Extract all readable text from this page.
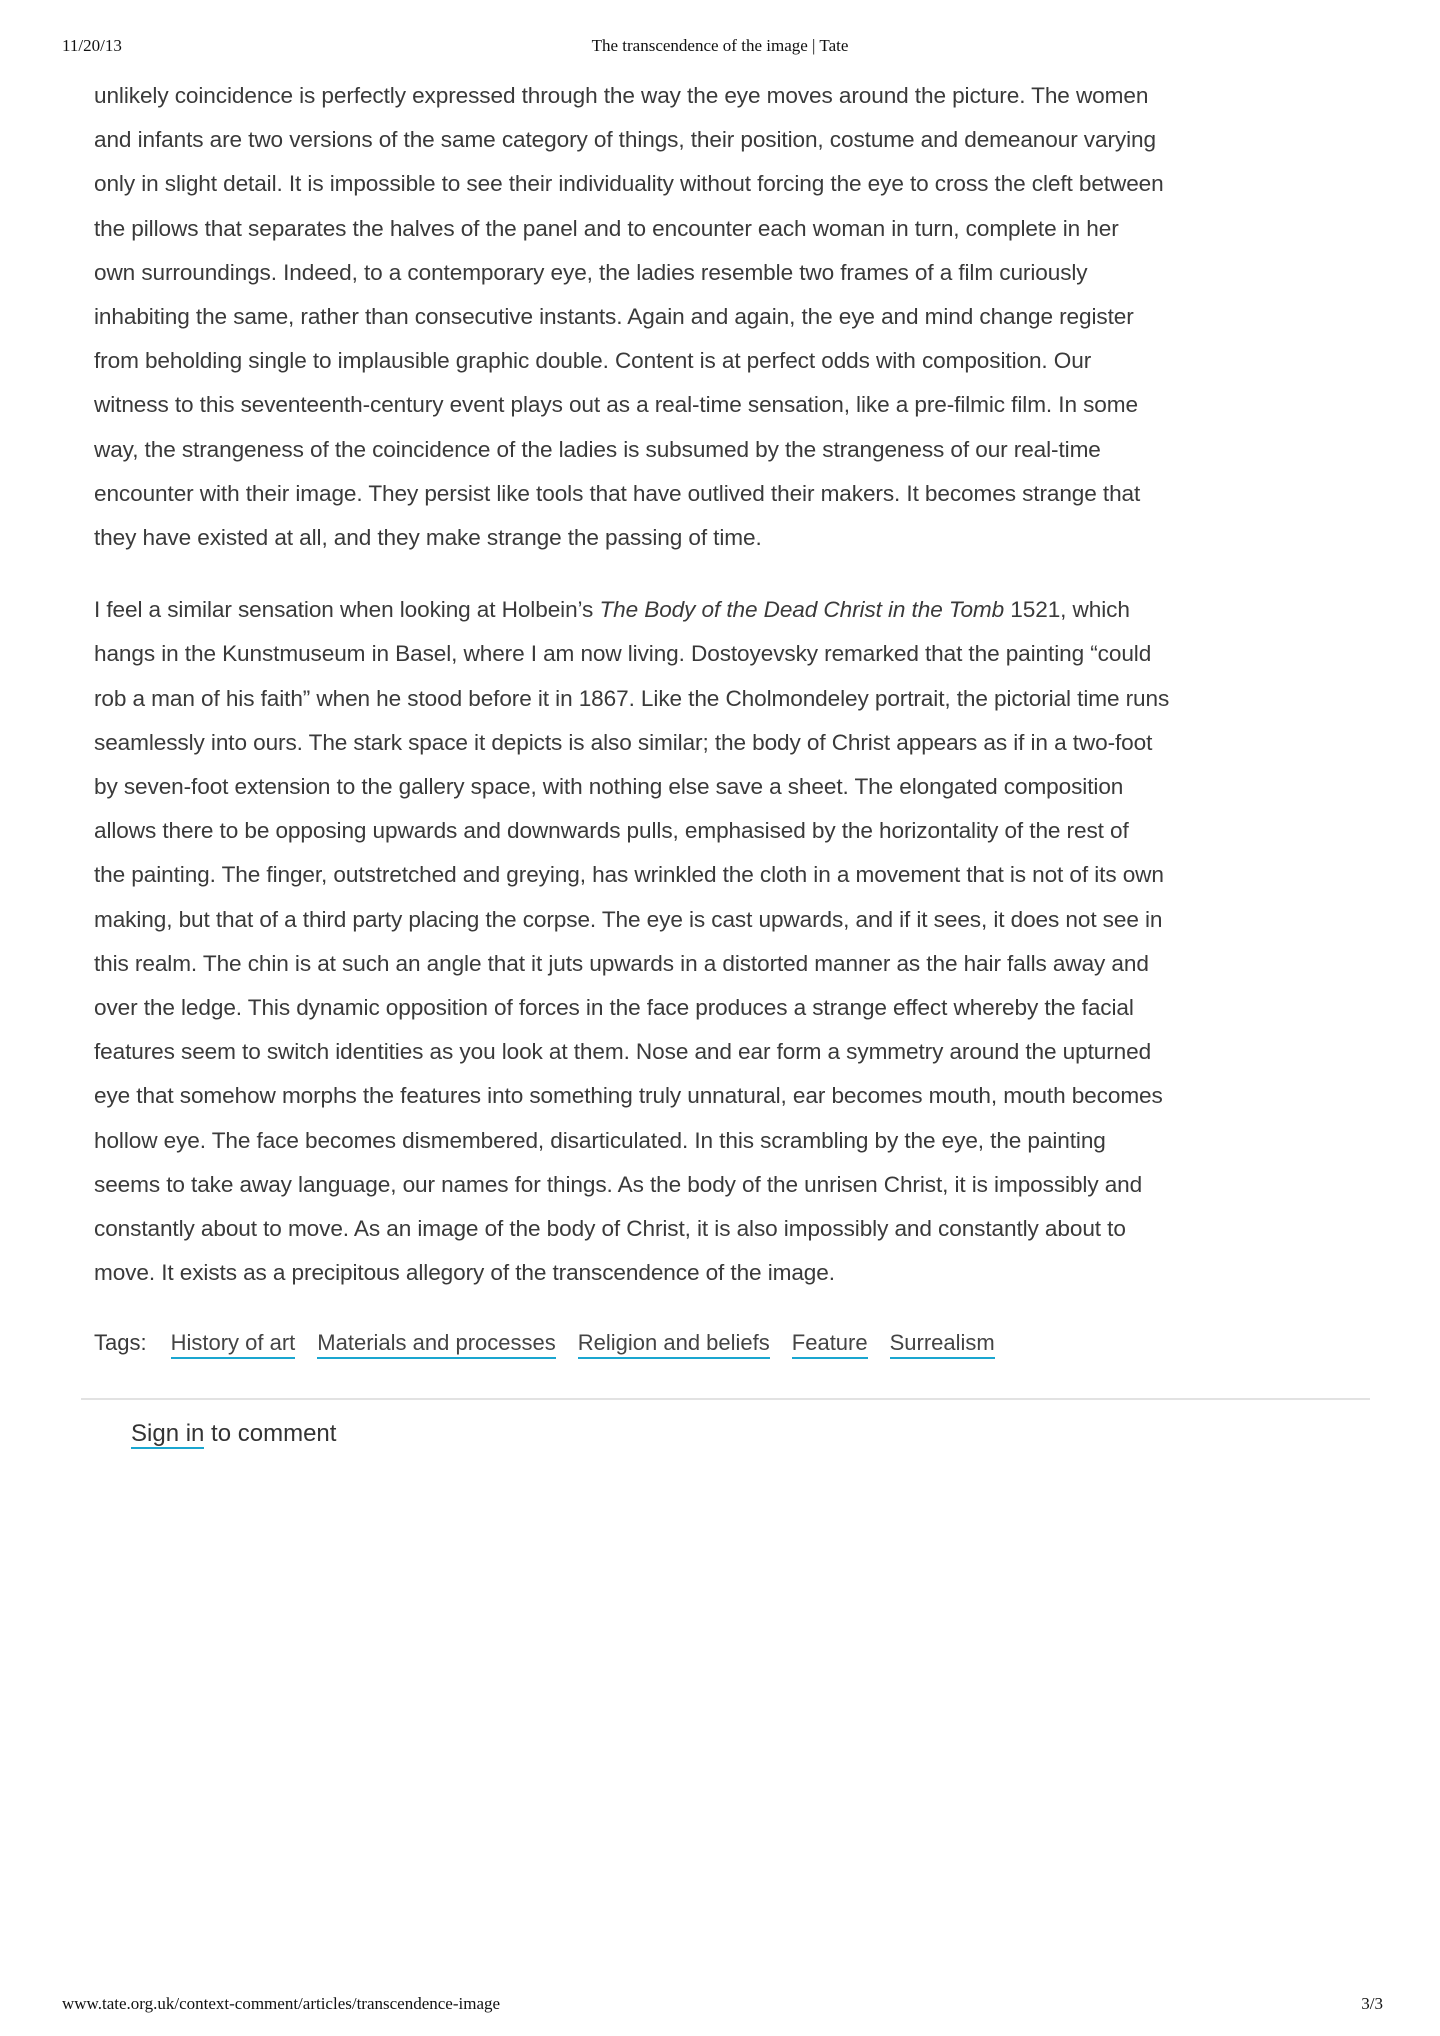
11/20/13	The transcendence of the image | Tate

unlikely coincidence is perfectly expressed through the way the eye moves around the picture. The women
and infants are two versions of the same category of things, their position, costume and demeanour varying
only in slight detail. It is impossible to see their individuality without forcing the eye to cross the cleft between
the pillows that separates the halves of the panel and to encounter each woman in turn, complete in her
own surroundings. Indeed, to a contemporary eye, the ladies resemble two frames of a film curiously
inhabiting the same, rather than consecutive instants. Again and again, the eye and mind change register
from beholding single to implausible graphic double. Content is at perfect odds with composition. Our
witness to this seventeenth-century event plays out as a real-time sensation, like a pre-filmic film. In some
way, the strangeness of the coincidence of the ladies is subsumed by the strangeness of our real-time
encounter with their image. They persist like tools that have outlived their makers. It becomes strange that
they have existed at all, and they make strange the passing of time.

I feel a similar sensation when looking at Holbein’s The Body of the Dead Christ in the Tomb 1521, which
hangs in the Kunstmuseum in Basel, where I am now living. Dostoyevsky remarked that the painting “could
rob a man of his faith” when he stood before it in 1867. Like the Cholmondeley portrait, the pictorial time runs
seamlessly into ours. The stark space it depicts is also similar; the body of Christ appears as if in a two-foot
by seven-foot extension to the gallery space, with nothing else save a sheet. The elongated composition
allows there to be opposing upwards and downwards pulls, emphasised by the horizontality of the rest of
the painting. The finger, outstretched and greying, has wrinkled the cloth in a movement that is not of its own
making, but that of a third party placing the corpse. The eye is cast upwards, and if it sees, it does not see in
this realm. The chin is at such an angle that it juts upwards in a distorted manner as the hair falls away and
over the ledge. This dynamic opposition of forces in the face produces a strange effect whereby the facial
features seem to switch identities as you look at them. Nose and ear form a symmetry around the upturned
eye that somehow morphs the features into something truly unnatural, ear becomes mouth, mouth becomes
hollow eye. The face becomes dismembered, disarticulated. In this scrambling by the eye, the painting
seems to take away language, our names for things. As the body of the unrisen Christ, it is impossibly and
constantly about to move. As an image of the body of Christ, it is also impossibly and constantly about to
move. It exists as a precipitous allegory of the transcendence of the image.

Tags: History of art Materials and processes Religion and beliefs Feature Surrealism
Sign in to comment
www.tate.org.uk/context-comment/articles/transcendence-image	3/3
